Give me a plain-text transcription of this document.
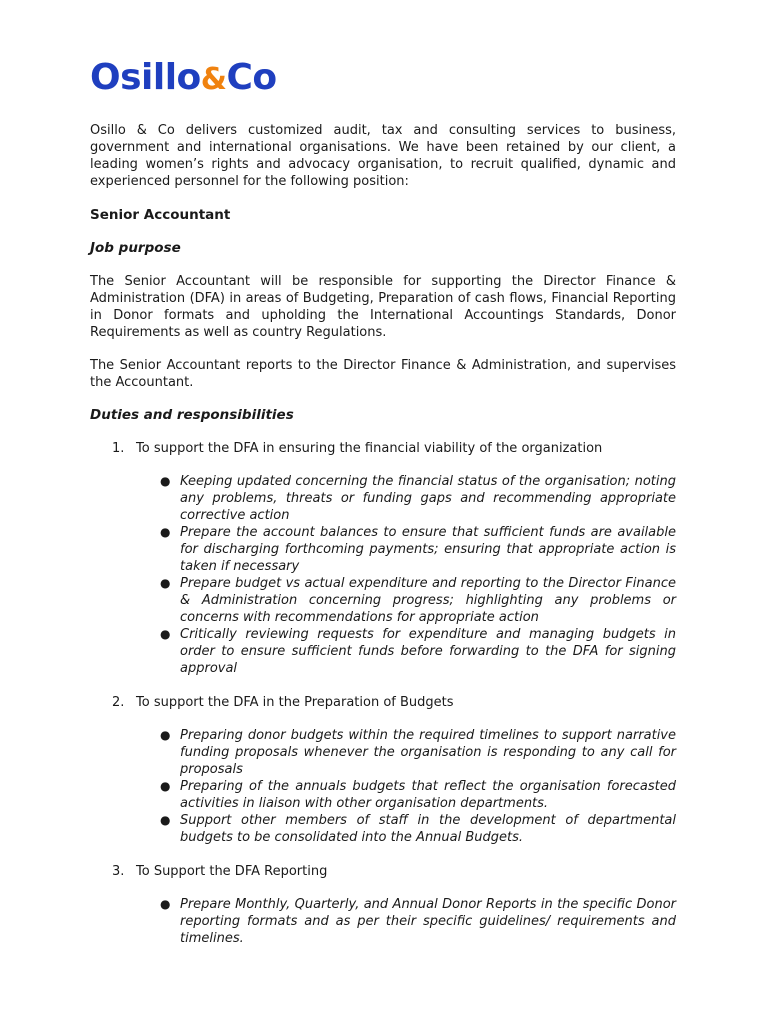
Osillo&Co

Osillo & Co delivers customized audit, tax and consulting services to business, government and international organisations. We have been retained by our client, a leading women’s rights and advocacy organisation, to recruit qualified, dynamic and experienced personnel for the following position:

Senior Accountant
Job purpose

The Senior Accountant will be responsible for supporting the Director Finance & Administration (DFA) in areas of Budgeting, Preparation of cash flows, Financial Reporting in Donor formats and upholding the International Accountings Standards, Donor Requirements as well as country Regulations.

The Senior Accountant reports to the Director Finance & Administration, and supervises the Accountant.

Duties and responsibilities
1. To support the DFA in ensuring the financial viability of the organization
● Keeping updated concerning the financial status of the organisation; noting any problems, threats or funding gaps and recommending appropriate corrective action
● Prepare the account balances to ensure that sufficient funds are available for discharging forthcoming payments; ensuring that appropriate action is taken if necessary
● Prepare budget vs actual expenditure and reporting to the Director Finance & Administration concerning progress; highlighting any problems or concerns with recommendations for appropriate action
● Critically reviewing requests for expenditure and managing budgets in order to ensure sufficient funds before forwarding to the DFA for signing approval
2. To support the DFA in the Preparation of Budgets
● Preparing donor budgets within the required timelines to support narrative funding proposals whenever the organisation is responding to any call for proposals
● Preparing of the annuals budgets that reflect the organisation forecasted activities in liaison with other organisation departments.
● Support other members of staff in the development of departmental budgets to be consolidated into the Annual Budgets.
3. To Support the DFA Reporting
● Prepare Monthly, Quarterly, and Annual Donor Reports in the specific Donor reporting formats and as per their specific guidelines/ requirements and timelines.
